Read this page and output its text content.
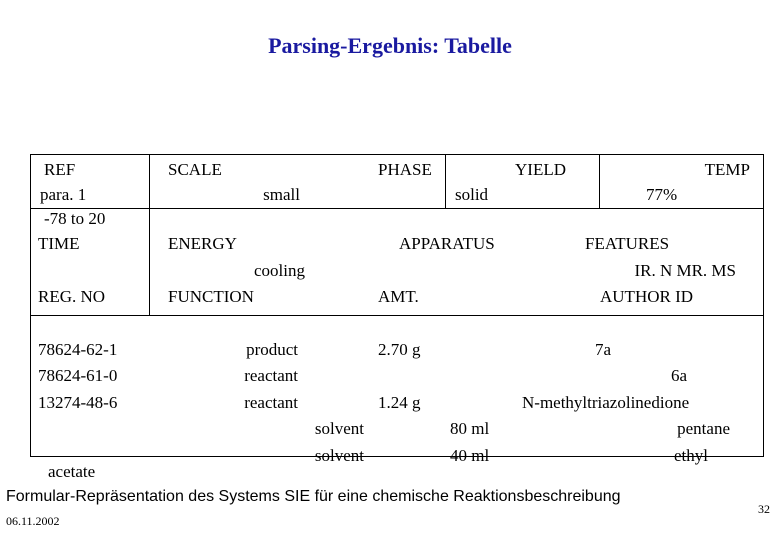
Parsing-Ergebnis: Tabelle
REF
para. 1
-78 to 20
SCALE
small
PHASE
solid
YIELD	TEMP
77%
TIME
REG. NO
ENERGY
cooling
FUNCTION
APPARATUS
AMT.
FEATURES
IR. N MR. MS
AUTHOR ID
78624-62-1
78624-61-0
13274-48-6
product
reactant
reactant
solvent
solvent
2.70 g
1.24 g
80 ml
40 ml
7a
6a
N-methyltriazolinedione
pentane
ethyl
acetate
Formular-Repräsentation des Systems SIE für eine chemische Reaktionsbeschreibung
06.11.2002
32
